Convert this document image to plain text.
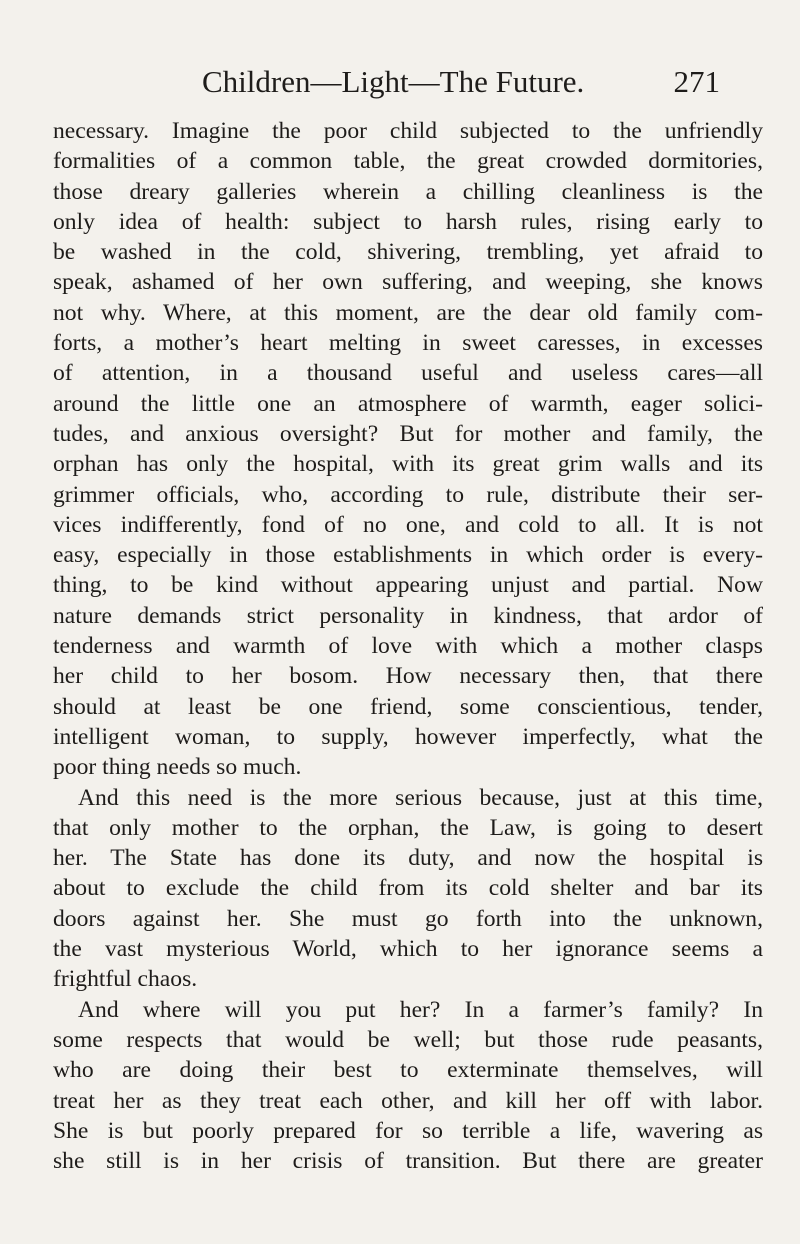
Children—Light—The Future.	271
necessary. Imagine the poor child subjected to the unfriendly
formalities of a common table, the great crowded dormitories,
those dreary galleries wherein a chilling cleanliness is the
only idea of health: subject to harsh rules, rising early to
be washed in the cold, shivering, trembling, yet afraid to
speak, ashamed of her own suffering, and weeping, she knows
not why. Where, at this moment, are the dear old family com-
forts, a mother’s heart melting in sweet caresses, in excesses
of attention, in a thousand useful and useless cares—all
around the little one an atmosphere of warmth, eager solici-
tudes, and anxious oversight? But for mother and family, the
orphan has only the hospital, with its great grim walls and its
grimmer officials, who, according to rule, distribute their ser-
vices indifferently, fond of no one, and cold to all. It is not
easy, especially in those establishments in which order is every-
thing, to be kind without appearing unjust and partial. Now
nature demands strict personality in kindness, that ardor of
tenderness and warmth of love with which a mother clasps
her child to her bosom. How necessary then, that there
should at least be one friend, some conscientious, tender,
intelligent woman, to supply, however imperfectly, what the
poor thing needs so much.
And this need is the more serious because, just at this time,
that only mother to the orphan, the Law, is going to desert
her. The State has done its duty, and now the hospital is
about to exclude the child from its cold shelter and bar its
doors against her. She must go forth into the unknown,
the vast mysterious World, which to her ignorance seems a
frightful chaos.
And where will you put her? In a farmer’s family? In
some respects that would be well; but those rude peasants,
who are doing their best to exterminate themselves, will
treat her as they treat each other, and kill her off with labor.
She is but poorly prepared for so terrible a life, wavering as
she still is in her crisis of transition. But there are greater
